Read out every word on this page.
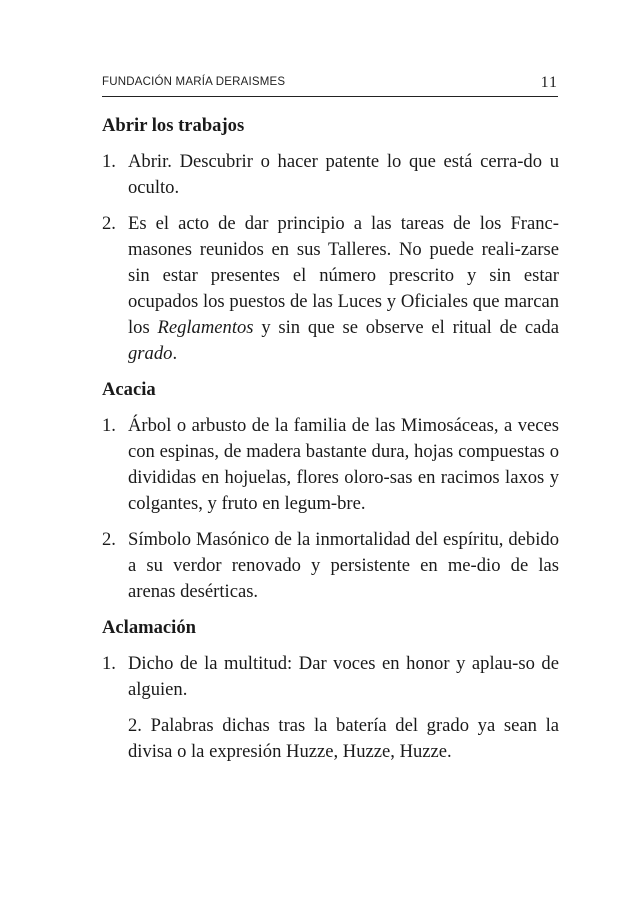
FUNDACIÓN MARÍA DERAISMES	11
Abrir los trabajos
1. Abrir. Descubrir o hacer patente lo que está cerra-do u oculto.
2. Es el acto de dar principio a las tareas de los Franc-masones reunidos en sus Talleres. No puede reali-zarse sin estar presentes el número prescrito y sin estar ocupados los puestos de las Luces y Oficiales que marcan los Reglamentos y sin que se observe el ritual de cada grado.
Acacia
1. Árbol o arbusto de la familia de las Mimosáceas, a veces con espinas, de madera bastante dura, hojas compuestas o divididas en hojuelas, flores oloro-sas en racimos laxos y colgantes, y fruto en legum-bre.
2. Símbolo Masónico de la inmortalidad del espíritu, debido a su verdor renovado y persistente en me-dio de las arenas desérticas.
Aclamación
1. Dicho de la multitud: Dar voces en honor y aplau-so de alguien.
2. Palabras dichas tras la batería del grado ya sean la divisa o la expresión Huzze, Huzze, Huzze.
